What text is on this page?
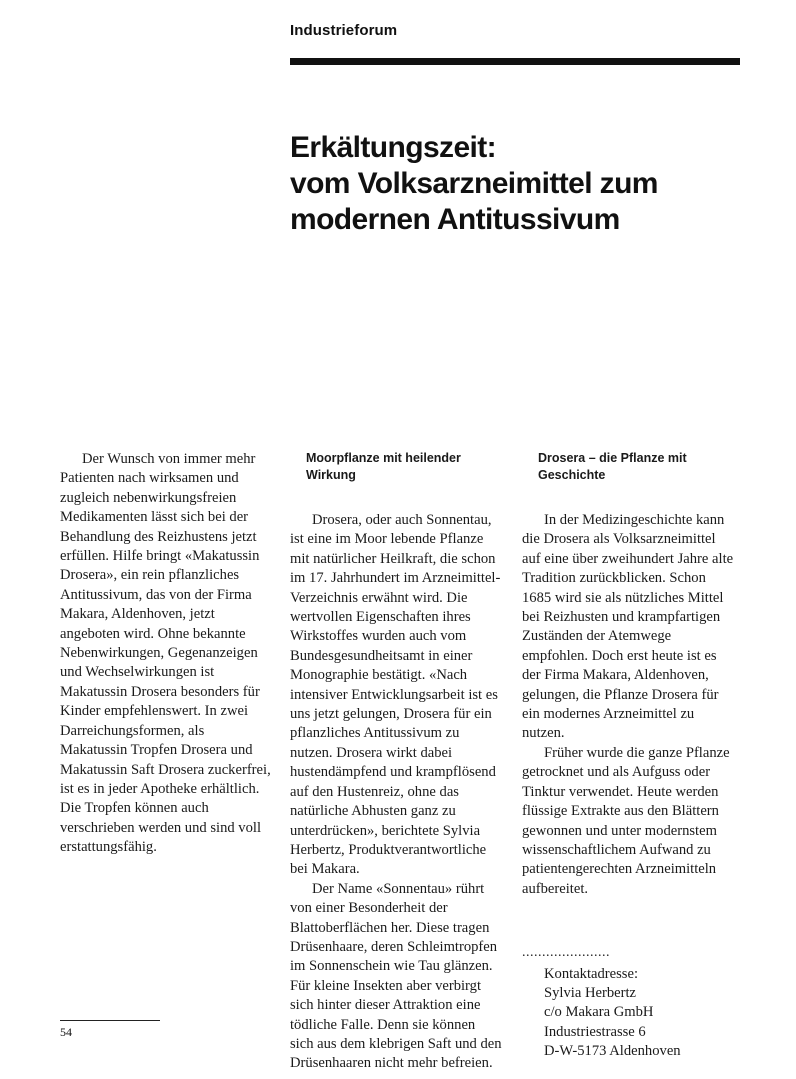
Industrieforum
Erkältungszeit:
vom Volksarzneimittel zum
modernen Antitussivum

Der Wunsch von immer mehr Patienten nach wirksamen und zugleich nebenwirkungsfreien Medikamenten lässt sich bei der Behandlung des Reizhustens jetzt erfüllen. Hilfe bringt «Makatussin Drosera», ein rein pflanzliches Antitussivum, das von der Firma Makara, Aldenhoven, jetzt angeboten wird. Ohne bekannte Nebenwirkungen, Gegenanzeigen und Wechselwirkungen ist Makatussin Drosera besonders für Kinder empfehlenswert. In zwei Darreichungsformen, als Makatussin Tropfen Drosera und Makatussin Saft Drosera zuckerfrei, ist es in jeder Apotheke erhältlich. Die Tropfen können auch verschrieben werden und sind voll erstattungsfähig.

Moorpflanze mit heilender Wirkung

Drosera, oder auch Sonnentau, ist eine im Moor lebende Pflanze mit natürlicher Heilkraft, die schon im 17. Jahrhundert im Arzneimittel-Verzeichnis erwähnt wird. Die wertvollen Eigenschaften ihres Wirkstoffes wurden auch vom Bundesgesundheitsamt in einer Monographie bestätigt. «Nach intensiver Entwicklungsarbeit ist es uns jetzt gelungen, Drosera für ein pflanzliches Antitussivum zu nutzen. Drosera wirkt dabei hustendämpfend und krampflösend auf den Hustenreiz, ohne das natürliche Abhusten ganz zu unterdrücken», berichtete Sylvia Herbertz, Produktverantwortliche bei Makara.

Der Name «Sonnentau» rührt von einer Besonderheit der Blattoberflächen her. Diese tragen Drüsenhaare, deren Schleimtropfen im Sonnenschein wie Tau glänzen. Für kleine Insekten aber verbirgt sich hinter dieser Attraktion eine tödliche Falle. Denn sie können sich aus dem klebrigen Saft und den Drüsenhaaren nicht mehr befreien.

Drosera – die Pflanze mit Geschichte

In der Medizingeschichte kann die Drosera als Volksarzneimittel auf eine über zweihundert Jahre alte Tradition zurückblicken. Schon 1685 wird sie als nützliches Mittel bei Reizhusten und krampfartigen Zuständen der Atemwege empfohlen. Doch erst heute ist es der Firma Makara, Aldenhoven, gelungen, die Pflanze Drosera für ein modernes Arzneimittel zu nutzen.

Früher wurde die ganze Pflanze getrocknet und als Aufguss oder Tinktur verwendet. Heute werden flüssige Extrakte aus den Blättern gewonnen und unter modernstem wissenschaftlichem Aufwand zu patientengerechten Arzneimitteln aufbereitet.

......................

Kontaktadresse:
Sylvia Herbertz
c/o Makara GmbH
Industriestrasse 6
D-W-5173 Aldenhoven
54
